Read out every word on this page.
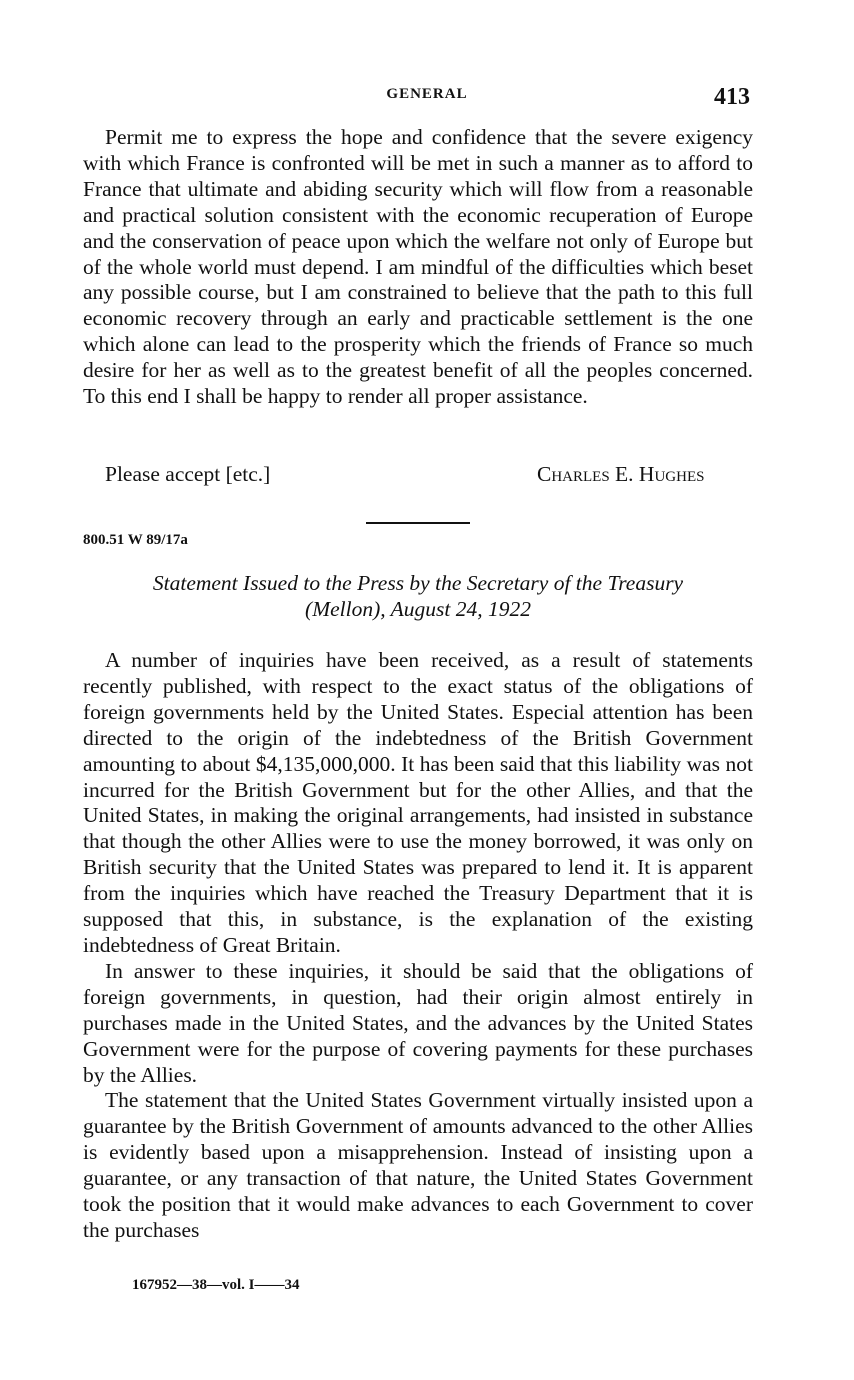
GENERAL	413

Permit me to express the hope and confidence that the severe exigency with which France is confronted will be met in such a manner as to afford to France that ultimate and abiding security which will flow from a reasonable and practical solution consistent with the economic recuperation of Europe and the conservation of peace upon which the welfare not only of Europe but of the whole world must depend. I am mindful of the difficulties which beset any possible course, but I am constrained to believe that the path to this full economic recovery through an early and practicable settlement is the one which alone can lead to the prosperity which the friends of France so much desire for her as well as to the greatest benefit of all the peoples concerned. To this end I shall be happy to render all proper assistance.

Please accept [etc.]	Charles E. Hughes
800.51 W 89/17a
Statement Issued to the Press by the Secretary of the Treasury
(Mellon), August 24, 1922

A number of inquiries have been received, as a result of statements recently published, with respect to the exact status of the obligations of foreign governments held by the United States. Especial attention has been directed to the origin of the indebtedness of the British Government amounting to about $4,135,000,000. It has been said that this liability was not incurred for the British Government but for the other Allies, and that the United States, in making the original arrangements, had insisted in substance that though the other Allies were to use the money borrowed, it was only on British security that the United States was prepared to lend it. It is apparent from the inquiries which have reached the Treasury Department that it is supposed that this, in substance, is the explanation of the existing indebtedness of Great Britain.

In answer to these inquiries, it should be said that the obligations of foreign governments, in question, had their origin almost entirely in purchases made in the United States, and the advances by the United States Government were for the purpose of covering payments for these purchases by the Allies.

The statement that the United States Government virtually insisted upon a guarantee by the British Government of amounts advanced to the other Allies is evidently based upon a misapprehension. Instead of insisting upon a guarantee, or any transaction of that nature, the United States Government took the position that it would make advances to each Government to cover the purchases

167952—38—vol. I——34
